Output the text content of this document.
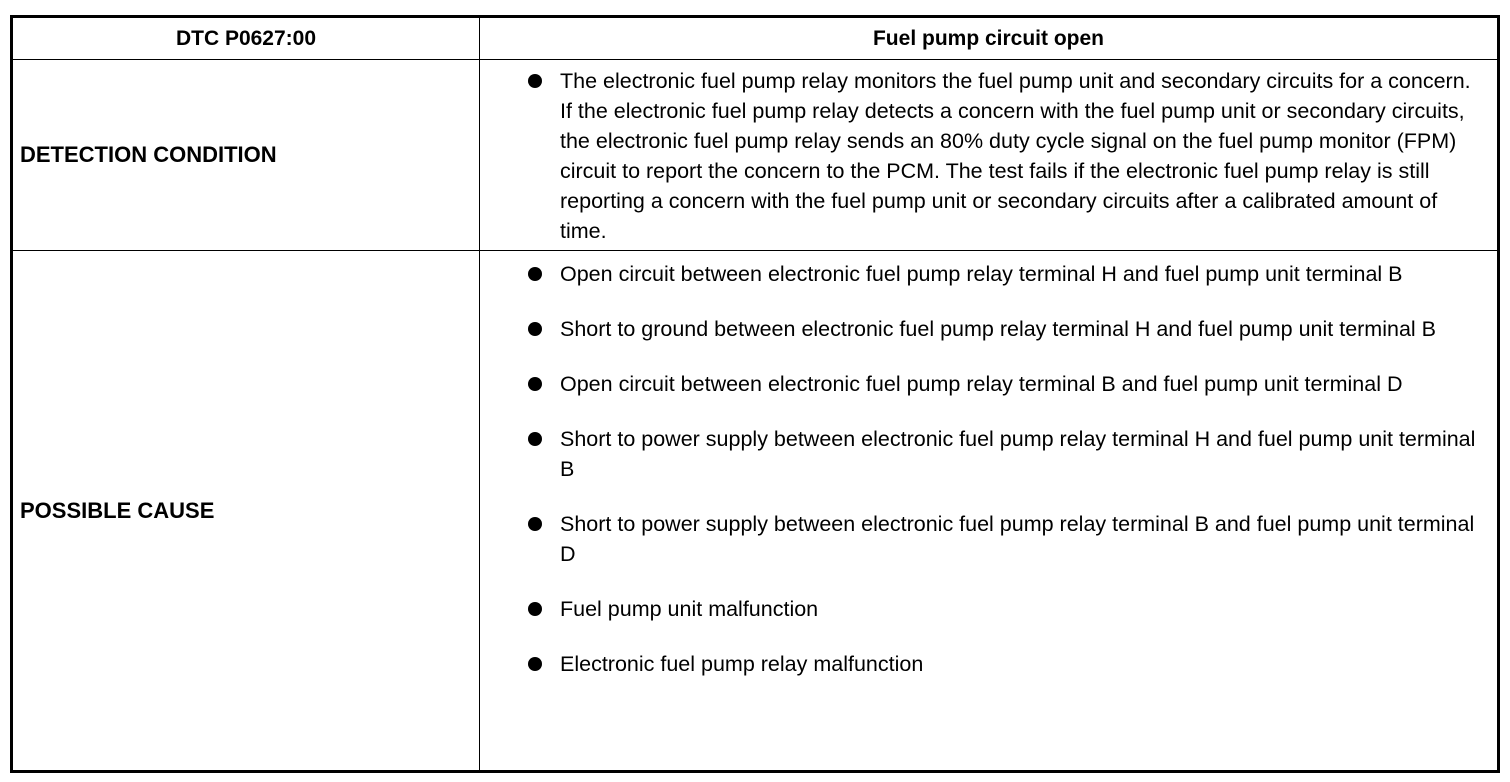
DTC P0627:00	Fuel pump circuit open
DETECTION CONDITION
The electronic fuel pump relay monitors the fuel pump unit and secondary circuits for a concern. If the electronic fuel pump relay detects a concern with the fuel pump unit or secondary circuits, the electronic fuel pump relay sends an 80% duty cycle signal on the fuel pump monitor (FPM) circuit to report the concern to the PCM. The test fails if the electronic fuel pump relay is still reporting a concern with the fuel pump unit or secondary circuits after a calibrated amount of time.
POSSIBLE CAUSE
Open circuit between electronic fuel pump relay terminal H and fuel pump unit terminal B
Short to ground between electronic fuel pump relay terminal H and fuel pump unit terminal B
Open circuit between electronic fuel pump relay terminal B and fuel pump unit terminal D
Short to power supply between electronic fuel pump relay terminal H and fuel pump unit terminal B
Short to power supply between electronic fuel pump relay terminal B and fuel pump unit terminal D
Fuel pump unit malfunction
Electronic fuel pump relay malfunction
